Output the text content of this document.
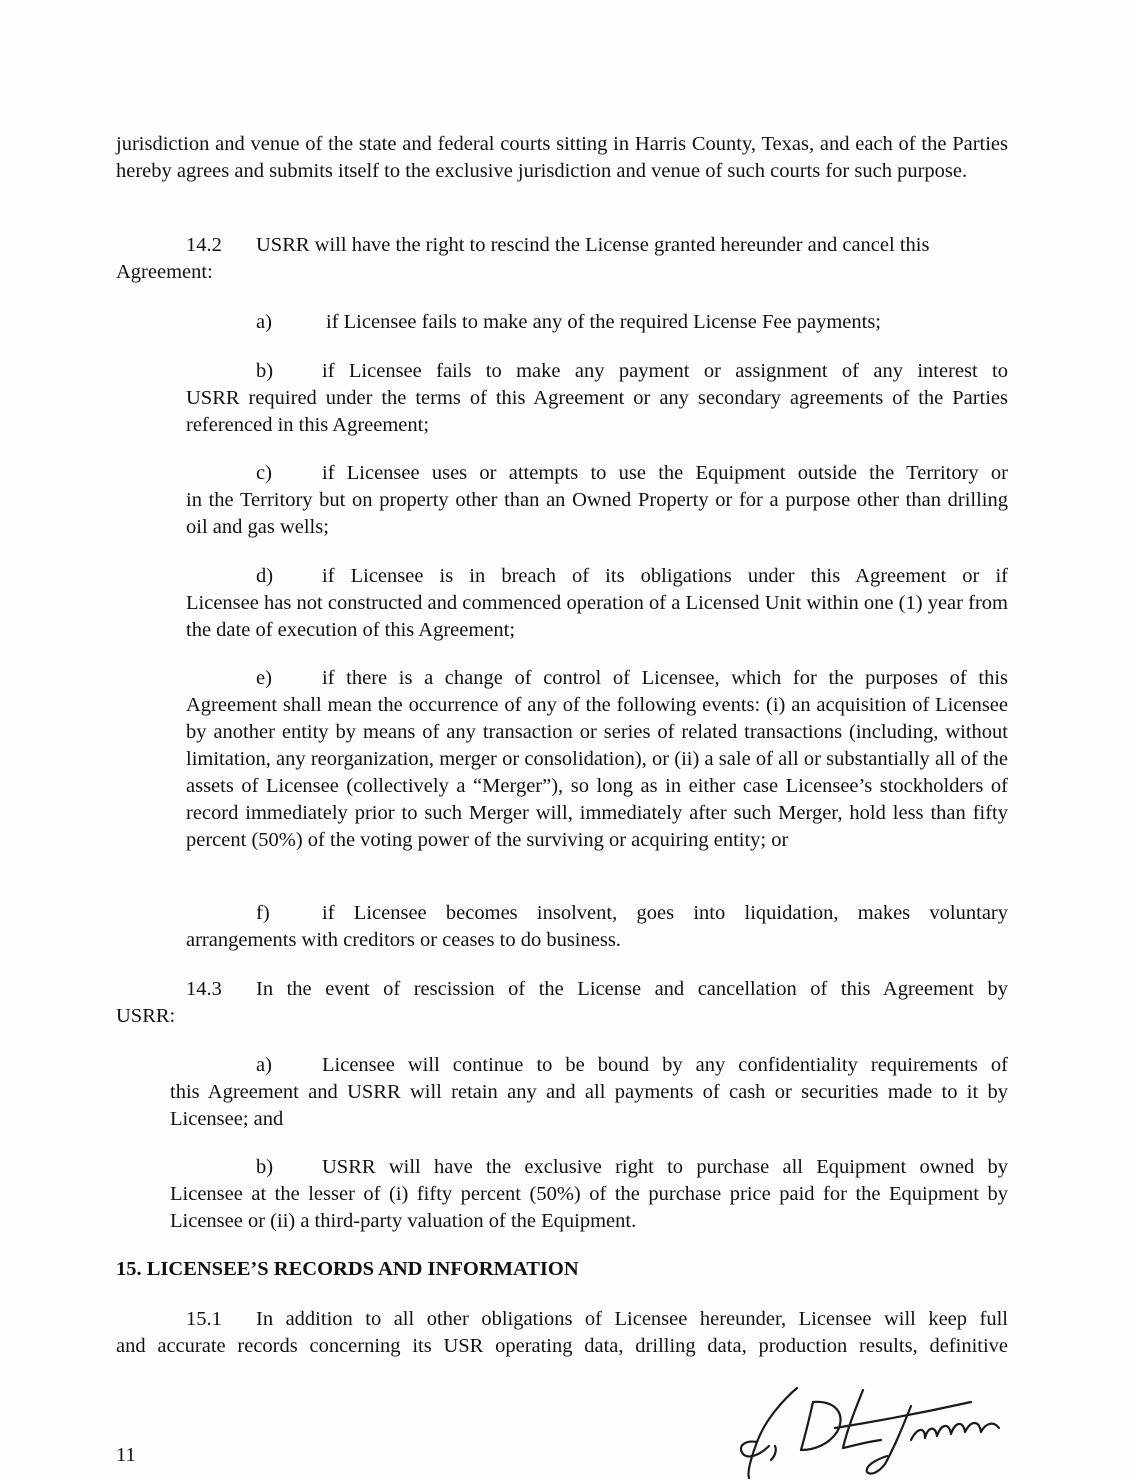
jurisdiction and venue of the state and federal courts sitting in Harris County, Texas, and each of the Parties hereby agrees and submits itself to the exclusive jurisdiction and venue of such courts for such purpose.

14.2 USRR will have the right to rescind the License granted hereunder and cancel this
Agreement:
a)	if Licensee fails to make any of the required License Fee payments;
b) if Licensee fails to make any payment or assignment of any interest to
USRR required under the terms of this Agreement or any secondary agreements of the Parties referenced in this Agreement;
c) if Licensee uses or attempts to use the Equipment outside the Territory or
in the Territory but on property other than an Owned Property or for a purpose other than drilling oil and gas wells;
d) if Licensee is in breach of its obligations under this Agreement or if
Licensee has not constructed and commenced operation of a Licensed Unit within one (1) year from the date of execution of this Agreement;
e) if there is a change of control of Licensee, which for the purposes of this
Agreement shall mean the occurrence of any of the following events: (i) an acquisition of Licensee by another entity by means of any transaction or series of related transactions (including, without limitation, any reorganization, merger or consolidation), or (ii) a sale of all or substantially all of the assets of Licensee (collectively a “Merger”), so long as in either case Licensee’s stockholders of record immediately prior to such Merger will, immediately after such Merger, hold less than fifty percent (50%) of the voting power of the surviving or acquiring entity; or
f)	if Licensee becomes insolvent, goes into liquidation, makes voluntary
arrangements with creditors or ceases to do business.
14.3 In the event of rescission of the License and cancellation of this Agreement by
USRR:
a) Licensee will continue to be bound by any confidentiality requirements of
this Agreement and USRR will retain any and all payments of cash or securities made to it by Licensee; and
b) USRR will have the exclusive right to purchase all Equipment owned by
Licensee at the lesser of (i) fifty percent (50%) of the purchase price paid for the Equipment by Licensee or (ii) a third-party valuation of the Equipment.
15. LICENSEE’S RECORDS AND INFORMATION
15.1 In addition to all other obligations of Licensee hereunder, Licensee will keep full
and accurate records concerning its USR operating data, drilling data, production results, definitive
11
